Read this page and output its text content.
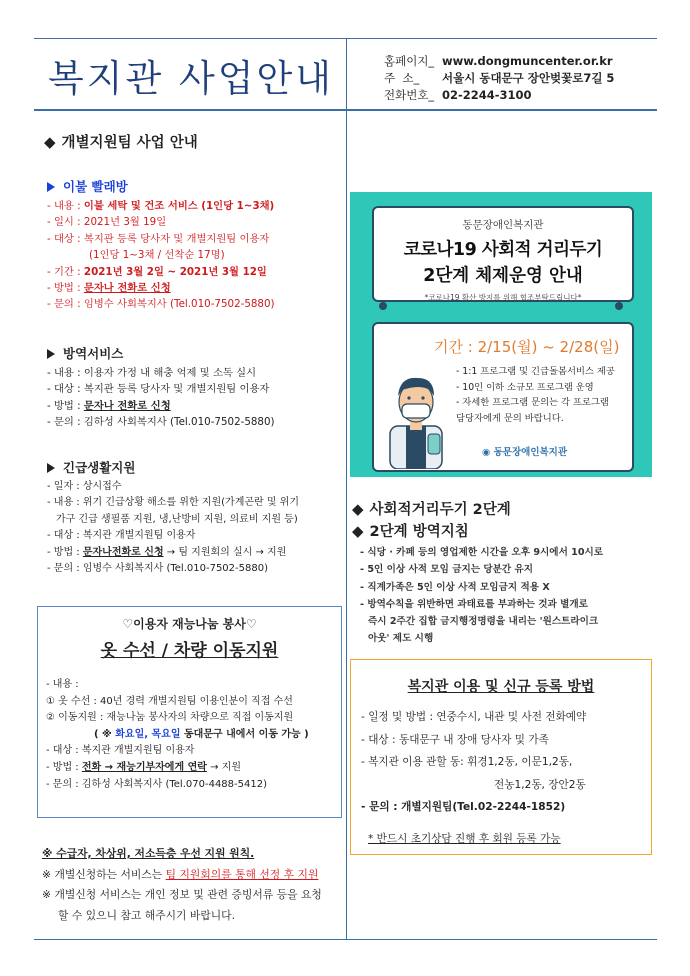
복지관 사업안내	홈페이지_ www.dongmuncenter.or.kr
주  소_	서울시 동대문구 장안벚꽃로7길 5
전화번호_ 02-2244-3100
◆ 개별지원팀 사업 안내
이불 빨래방
- 내용 : 이불 세탁 및 건조 서비스 (1인당 1~3채)
- 일시 : 2021년 3월 19일
- 대상 : 복지관 등록 당사자 및 개별지원팀 이용자
(1인당 1~3채 / 선착순 17명)
- 기간 : 2021년 3월 2일 ~ 2021년 3월 12일
- 방법 : 문자나 전화로 신청
- 문의 : 임병수 사회복지사 (Tel.010-7502-5880)
방역서비스
- 내용 : 이용자 가정 내 해충 억제 및 소독 실시
- 대상 : 복지관 등록 당사자 및 개별지원팀 이용자
- 방법 : 문자나 전화로 신청
- 문의 : 김하성 사회복지사 (Tel.010-7502-5880)
긴급생활지원
- 일자 : 상시접수
- 내용 : 위기 긴급상황 해소를 위한 지원(가계곤란 및 위기
가구 긴급 생필품 지원, 냉,난방비 지원, 의료비 지원 등)
- 대상 : 복지관 개별지원팀 이용자
- 방법 : 문자나전화로 신청 → 팀 지원회의 실시 → 지원
- 문의 : 임병수 사회복지사 (Tel.010-7502-5880)
♡이용자 재능나눔 봉사♡
옷 수선 / 차량 이동지원
- 내용 :
① 옷 수선 : 40년 경력 개별지원팀 이용인분이 직접 수선
② 이동지원 : 재능나눔 봉사자의 차량으로 직접 이동지원
( ※ 화요일, 목요일 동대문구 내에서 이동 가능 )
- 대상 : 복지관 개별지원팀 이용자
- 방법 : 전화 → 재능기부자에게 연락 → 지원
- 문의 : 김하성 사회복지사 (Tel.070-4488-5412)
※ 수급자, 차상위, 저소득층 우선 지원 원칙.
※ 개별신청하는 서비스는 팀 지원회의를 통해 선정 후 지원
※ 개별신청 서비스는 개인 정보 및 관련 증빙서류 등을 요청
할 수 있으니 참고 해주시기 바랍니다.
동문장애인복지관
코로나19 사회적 거리두기
2단계 체제운영 안내
*코로나19 확산 방지를 위해 협조부탁드립니다*
기간 : 2/15(월) ~ 2/28(일)
- 1:1 프로그램 및 긴급돌봄서비스 제공
- 10인 이하 소규모 프로그램 운영
- 자세한 프로그램 문의는 각 프로그램
담당자에게 문의 바랍니다.
◉ 동문장애인복지관
◆ 사회적거리두기 2단계
◆ 2단계 방역지침
- 식당 · 카페 등의 영업제한 시간을 오후 9시에서 10시로
- 5인 이상 사적 모임 금지는 당분간 유지
- 직계가족은 5인 이상 사적 모임금지 적용 X
- 방역수칙을 위반하면 과태료를 부과하는 것과 별개로
즉시 2주간 집합 금지행정명령을 내리는 '원스트라이크
아웃' 제도 시행
복지관 이용 및 신규 등록 방법
- 일정 및 방법 : 연중수시, 내관 및 사전 전화예약
- 대상 : 동대문구 내 장애 당사자 및 가족
- 복지관 이용 관할 동: 휘경1,2동, 이문1,2동,
전농1,2동, 장안2동
- 문의 : 개별지원팀(Tel.02-2244-1852)
* 반드시 초기상담 진행 후 회원 등록 가능
